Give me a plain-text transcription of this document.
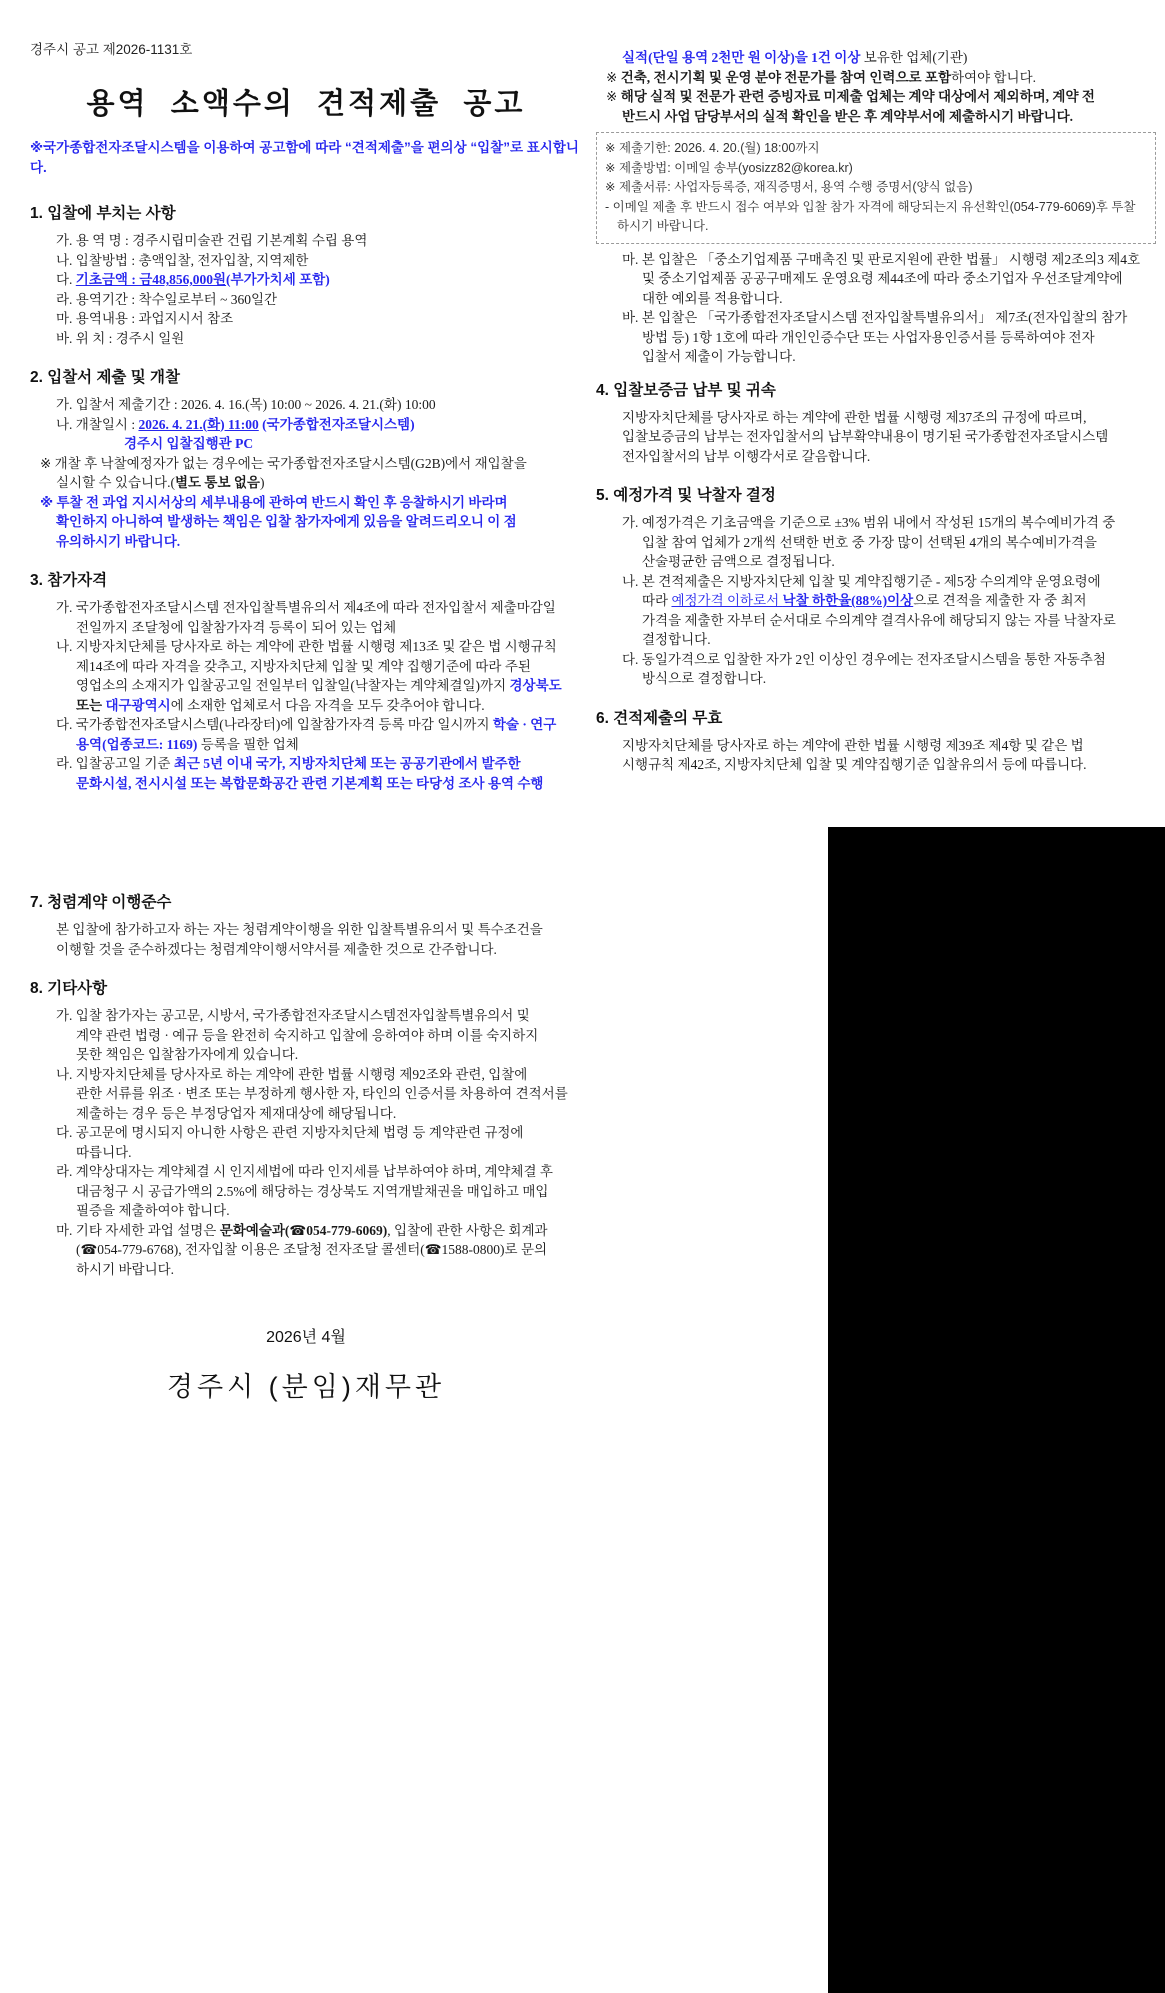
경주시 공고 제2026-1131호
용역 소액수의 견적제출 공고
※국가종합전자조달시스템을 이용하여 공고함에 따라 “견적제출”을 편의상 “입찰”로 표시합니다.
1. 입찰에 부치는 사항
가. 용 역 명 : 경주시립미술관 건립 기본계획 수립 용역
나. 입찰방법 : 총액입찰, 전자입찰, 지역제한
다. 기초금액 : 금48,856,000원(부가가치세 포함)
라. 용역기간 : 착수일로부터 ~ 360일간
마. 용역내용 : 과업지시서 참조
바. 위 치 : 경주시 일원
2. 입찰서 제출 및 개찰
가. 입찰서 제출기간 : 2026. 4. 16.(목) 10:00 ~ 2026. 4. 21.(화) 10:00
나. 개찰일시 : 2026. 4. 21.(화) 11:00 (국가종합전자조달시스템)
경주시 입찰집행관 PC
※ 개찰 후 낙찰예정자가 없는 경우에는 국가종합전자조달시스템(G2B)에서 재입찰을
실시할 수 있습니다.(별도 통보 없음)
※ 투찰 전 과업 지시서상의 세부내용에 관하여 반드시 확인 후 응찰하시기 바라며
확인하지 아니하여 발생하는 책임은 입찰 참가자에게 있음을 알려드리오니 이 점
유의하시기 바랍니다.
3. 참가자격
가. 국가종합전자조달시스템 전자입찰특별유의서 제4조에 따라 전자입찰서 제출마감일
전일까지 조달청에 입찰참가자격 등록이 되어 있는 업체
나. 지방자치단체를 당사자로 하는 계약에 관한 법률 시행령 제13조 및 같은 법 시행규칙
제14조에 따라 자격을 갖추고, 지방자치단체 입찰 및 계약 집행기준에 따라 주된
영업소의 소재지가 입찰공고일 전일부터 입찰일(낙찰자는 계약체결일)까지 경상북도
또는 대구광역시에 소재한 업체로서 다음 자격을 모두 갖추어야 합니다.
다. 국가종합전자조달시스템(나라장터)에 입찰참가자격 등록 마감 일시까지 학술 · 연구
용역(업종코드: 1169) 등록을 필한 업체
라. 입찰공고일 기준 최근 5년 이내 국가, 지방자치단체 또는 공공기관에서 발주한
문화시설, 전시시설 또는 복합문화공간 관련 기본계획 또는 타당성 조사 용역 수행
7. 청렴계약 이행준수
본 입찰에 참가하고자 하는 자는 청렴계약이행을 위한 입찰특별유의서 및 특수조건을
이행할 것을 준수하겠다는 청렴계약이행서약서를 제출한 것으로 간주합니다.
8. 기타사항
가. 입찰 참가자는 공고문, 시방서, 국가종합전자조달시스템전자입찰특별유의서 및
계약 관련 법령 · 예규 등을 완전히 숙지하고 입찰에 응하여야 하며 이를 숙지하지
못한 책임은 입찰참가자에게 있습니다.
나. 지방자치단체를 당사자로 하는 계약에 관한 법률 시행령 제92조와 관련, 입찰에
관한 서류를 위조 · 변조 또는 부정하게 행사한 자, 타인의 인증서를 차용하여 견적서를
제출하는 경우 등은 부정당업자 제재대상에 해당됩니다.
다. 공고문에 명시되지 아니한 사항은 관련 지방자치단체 법령 등 계약관련 규정에
따릅니다.
라. 계약상대자는 계약체결 시 인지세법에 따라 인지세를 납부하여야 하며, 계약체결 후
대금청구 시 공급가액의 2.5%에 해당하는 경상북도 지역개발채권을 매입하고 매입
필증을 제출하여야 합니다.
마. 기타 자세한 과업 설명은 문화예술과(☎054-779-6069), 입찰에 관한 사항은 회계과
(☎054-779-6768), 전자입찰 이용은 조달청 전자조달 콜센터(☎1588-0800)로 문의
하시기 바랍니다.
2026년 4월
경주시 (분임)재무관
실적(단일 용역 2천만 원 이상)을 1건 이상 보유한 업체(기관)
※ 건축, 전시기획 및 운영 분야 전문가를 참여 인력으로 포함하여야 합니다.
※ 해당 실적 및 전문가 관련 증빙자료 미제출 업체는 계약 대상에서 제외하며, 계약 전
반드시 사업 담당부서의 실적 확인을 받은 후 계약부서에 제출하시기 바랍니다.
※ 제출기한: 2026. 4. 20.(월) 18:00까지
※ 제출방법: 이메일 송부(yosizz82@korea.kr)
※ 제출서류: 사업자등록증, 재직증명서, 용역 수행 증명서(양식 없음)
- 이메일 제출 후 반드시 접수 여부와 입찰 참가 자격에 해당되는지 유선확인(054-779-6069)후 투찰
하시기 바랍니다.
마. 본 입찰은 「중소기업제품 구매촉진 및 판로지원에 관한 법률」 시행령 제2조의3 제4호
및 중소기업제품 공공구매제도 운영요령 제44조에 따라 중소기업자 우선조달계약에
대한 예외를 적용합니다.
바. 본 입찰은 「국가종합전자조달시스템 전자입찰특별유의서」 제7조(전자입찰의 참가
방법 등) 1항 1호에 따라 개인인증수단 또는 사업자용인증서를 등록하여야 전자
입찰서 제출이 가능합니다.
4. 입찰보증금 납부 및 귀속
지방자치단체를 당사자로 하는 계약에 관한 법률 시행령 제37조의 규정에 따르며,
입찰보증금의 납부는 전자입찰서의 납부확약내용이 명기된 국가종합전자조달시스템
전자입찰서의 납부 이행각서로 갈음합니다.
5. 예정가격 및 낙찰자 결정
가. 예정가격은 기초금액을 기준으로 ±3% 범위 내에서 작성된 15개의 복수예비가격 중
입찰 참여 업체가 2개씩 선택한 번호 중 가장 많이 선택된 4개의 복수예비가격을
산술평균한 금액으로 결정됩니다.
나. 본 견적제출은 지방자치단체 입찰 및 계약집행기준 - 제5장 수의계약 운영요령에
따라 예정가격 이하로서 낙찰 하한율(88%)이상으로 견적을 제출한 자 중 최저
가격을 제출한 자부터 순서대로 수의계약 결격사유에 해당되지 않는 자를 낙찰자로
결정합니다.
다. 동일가격으로 입찰한 자가 2인 이상인 경우에는 전자조달시스템을 통한 자동추첨
방식으로 결정합니다.
6. 견적제출의 무효
지방자치단체를 당사자로 하는 계약에 관한 법률 시행령 제39조 제4항 및 같은 법
시행규칙 제42조, 지방자치단체 입찰 및 계약집행기준 입찰유의서 등에 따릅니다.
